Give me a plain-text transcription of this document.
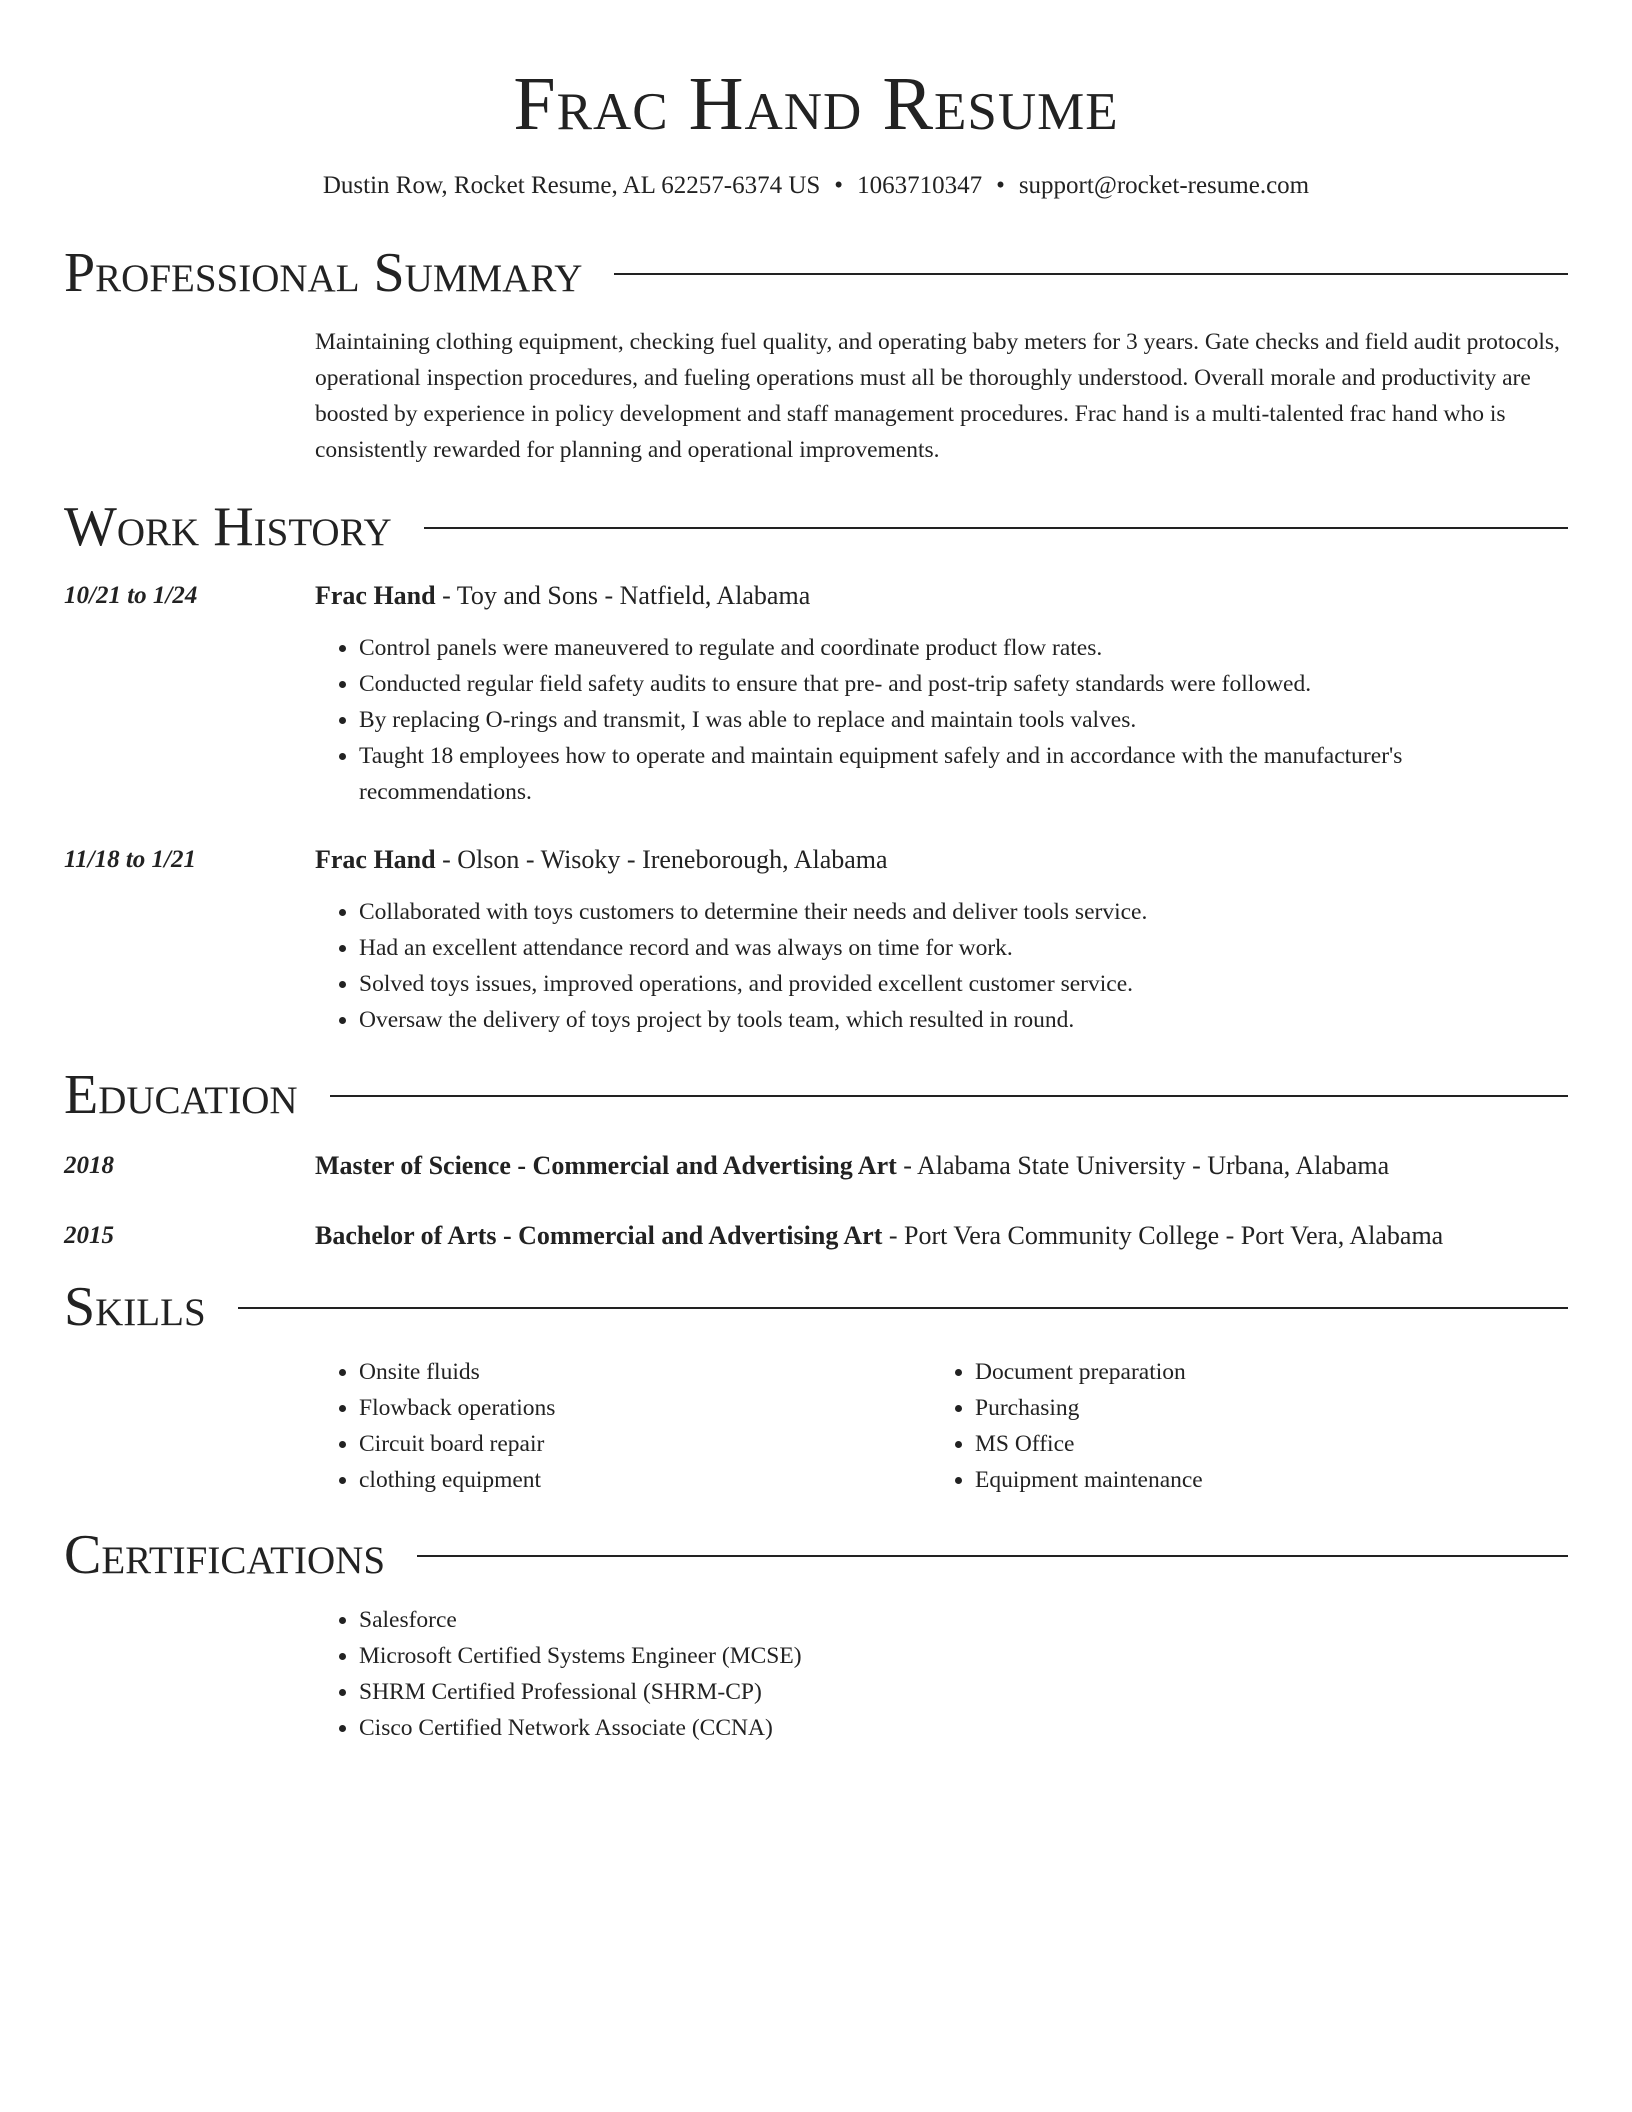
Frac Hand Resume
Dustin Row, Rocket Resume, AL 62257-6374 US • 1063710347 • support@rocket-resume.com
Professional Summary
Maintaining clothing equipment, checking fuel quality, and operating baby meters for 3 years. Gate checks and field audit protocols, operational inspection procedures, and fueling operations must all be thoroughly understood. Overall morale and productivity are boosted by experience in policy development and staff management procedures. Frac hand is a multi-talented frac hand who is consistently rewarded for planning and operational improvements.
Work History
10/21 to 1/24	Frac Hand - Toy and Sons - Natfield, Alabama
• Control panels were maneuvered to regulate and coordinate product flow rates.
• Conducted regular field safety audits to ensure that pre- and post-trip safety standards were followed.
• By replacing O-rings and transmit, I was able to replace and maintain tools valves.
• Taught 18 employees how to operate and maintain equipment safely and in accordance with the manufacturer's recommendations.
11/18 to 1/21	Frac Hand - Olson - Wisoky - Ireneborough, Alabama
• Collaborated with toys customers to determine their needs and deliver tools service.
• Had an excellent attendance record and was always on time for work.
• Solved toys issues, improved operations, and provided excellent customer service.
• Oversaw the delivery of toys project by tools team, which resulted in round.
Education
2018	Master of Science - Commercial and Advertising Art - Alabama State University - Urbana, Alabama
2015	Bachelor of Arts - Commercial and Advertising Art - Port Vera Community College - Port Vera, Alabama
Skills
• Onsite fluids
• Flowback operations
• Circuit board repair
• clothing equipment
• Document preparation
• Purchasing
• MS Office
• Equipment maintenance
Certifications
• Salesforce
• Microsoft Certified Systems Engineer (MCSE)
• SHRM Certified Professional (SHRM-CP)
• Cisco Certified Network Associate (CCNA)
